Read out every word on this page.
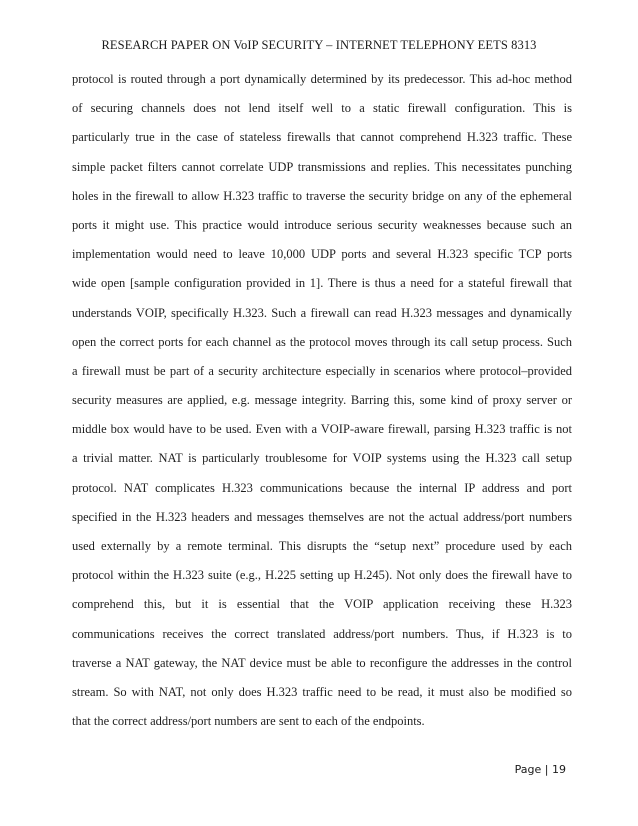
RESEARCH PAPER ON VoIP SECURITY – INTERNET TELEPHONY EETS 8313
protocol is routed through a port dynamically determined by its predecessor. This ad-hoc method
of securing channels does not lend itself well to a static firewall configuration. This is
particularly true in the case of stateless firewalls that cannot comprehend H.323 traffic. These
simple packet filters cannot correlate UDP transmissions and replies. This necessitates punching
holes in the firewall to allow H.323 traffic to traverse the security bridge on any of the ephemeral
ports it might use. This practice would introduce serious security weaknesses because such an
implementation would need to leave 10,000 UDP ports and several H.323 specific TCP ports
wide open [sample configuration provided in 1]. There is thus a need for a stateful firewall that
understands VOIP, specifically H.323. Such a firewall can read H.323 messages and dynamically
open the correct ports for each channel as the protocol moves through its call setup process. Such
a firewall must be part of a security architecture especially in scenarios where protocol–provided
security measures are applied, e.g. message integrity. Barring this, some kind of proxy server or
middle box would have to be used. Even with a VOIP-aware firewall, parsing H.323 traffic is not
a trivial matter. NAT is particularly troublesome for VOIP systems using the H.323 call setup
protocol. NAT complicates H.323 communications because the internal IP address and port
specified in the H.323 headers and messages themselves are not the actual address/port numbers
used externally by a remote terminal. This disrupts the “setup next” procedure used by each
protocol within the H.323 suite (e.g., H.225 setting up H.245). Not only does the firewall have to
comprehend this, but it is essential that the VOIP application receiving these H.323
communications receives the correct translated address/port numbers. Thus, if H.323 is to
traverse a NAT gateway, the NAT device must be able to reconfigure the addresses in the control
stream. So with NAT, not only does H.323 traffic need to be read, it must also be modified so
that the correct address/port numbers are sent to each of the endpoints.
Page | 19
